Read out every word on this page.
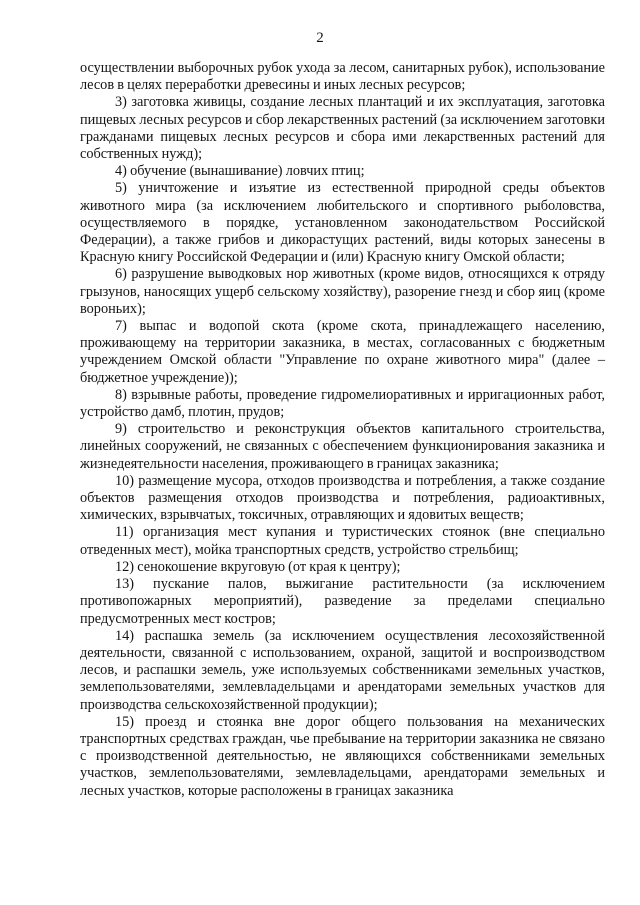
2

осуществлении выборочных рубок ухода за лесом, санитарных рубок), использование лесов в целях переработки древесины и иных лесных ресурсов;

3) заготовка живицы, создание лесных плантаций и их эксплуатация, заготовка пищевых лесных ресурсов и сбор лекарственных растений (за исключением заготовки гражданами пищевых лесных ресурсов и сбора ими лекарственных растений для собственных нужд);

4) обучение (вынашивание) ловчих птиц;

5) уничтожение и изъятие из естественной природной среды объектов животного мира (за исключением любительского и спортивного рыболовства, осуществляемого в порядке, установленном законодательством Российской Федерации), а также грибов и дикорастущих растений, виды которых занесены в Красную книгу Российской Федерации и (или) Красную книгу Омской области;

6) разрушение выводковых нор животных (кроме видов, относящихся к отряду грызунов, наносящих ущерб сельскому хозяйству), разорение гнезд и сбор яиц (кроме вороньих);

7) выпас и водопой скота (кроме скота, принадлежащего населению, проживающему на территории заказника, в местах, согласованных с бюджетным учреждением Омской области "Управление по охране животного мира" (далее – бюджетное учреждение));

8) взрывные работы, проведение гидромелиоративных и ирригационных работ, устройство дамб, плотин, прудов;

9) строительство и реконструкция объектов капитального строительства, линейных сооружений, не связанных с обеспечением функционирования заказника и жизнедеятельности населения, проживающего в границах заказника;

10) размещение мусора, отходов производства и потребления, а также создание объектов размещения отходов производства и потребления, радиоактивных, химических, взрывчатых, токсичных, отравляющих и ядовитых веществ;

11) организация мест купания и туристических стоянок (вне специально отведенных мест), мойка транспортных средств, устройство стрельбищ;

12) сенокошение вкруговую (от края к центру);

13) пускание палов, выжигание растительности (за исключением противопожарных мероприятий), разведение за пределами специально предусмотренных мест костров;

14) распашка земель (за исключением осуществления лесохозяйственной деятельности, связанной с использованием, охраной, защитой и воспроизводством лесов, и распашки земель, уже используемых собственниками земельных участков, землепользователями, землевладельцами и арендаторами земельных участков для производства сельскохозяйственной продукции);

15) проезд и стоянка вне дорог общего пользования на механических транспортных средствах граждан, чье пребывание на территории заказника не связано с производственной деятельностью, не являющихся собственниками земельных участков, землепользователями, землевладельцами, арендаторами земельных и лесных участков, которые расположены в границах заказника
